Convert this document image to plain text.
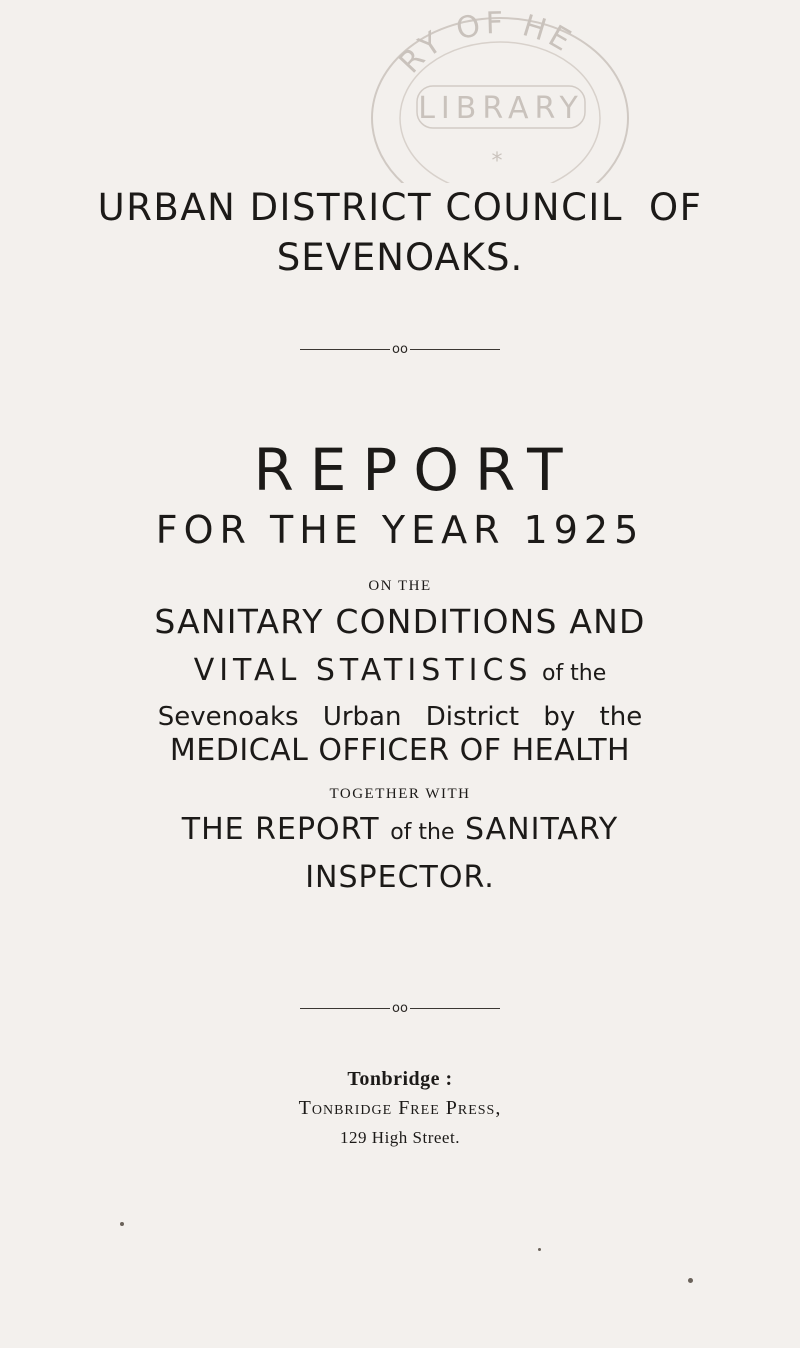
RY OF HE
LIBRARY
*
URBAN DISTRICT COUNCIL OF
SEVENOAKS.
oo
REPORT
FOR THE YEAR 1925
ON THE
SANITARY CONDITIONS AND
VITAL STATISTICS of the
Sevenoaks Urban District by the
MEDICAL OFFICER OF HEALTH
TOGETHER WITH
THE REPORT of the SANITARY
INSPECTOR.
oo
Tonbridge :
Tonbridge Free Press,
129 High Street.
